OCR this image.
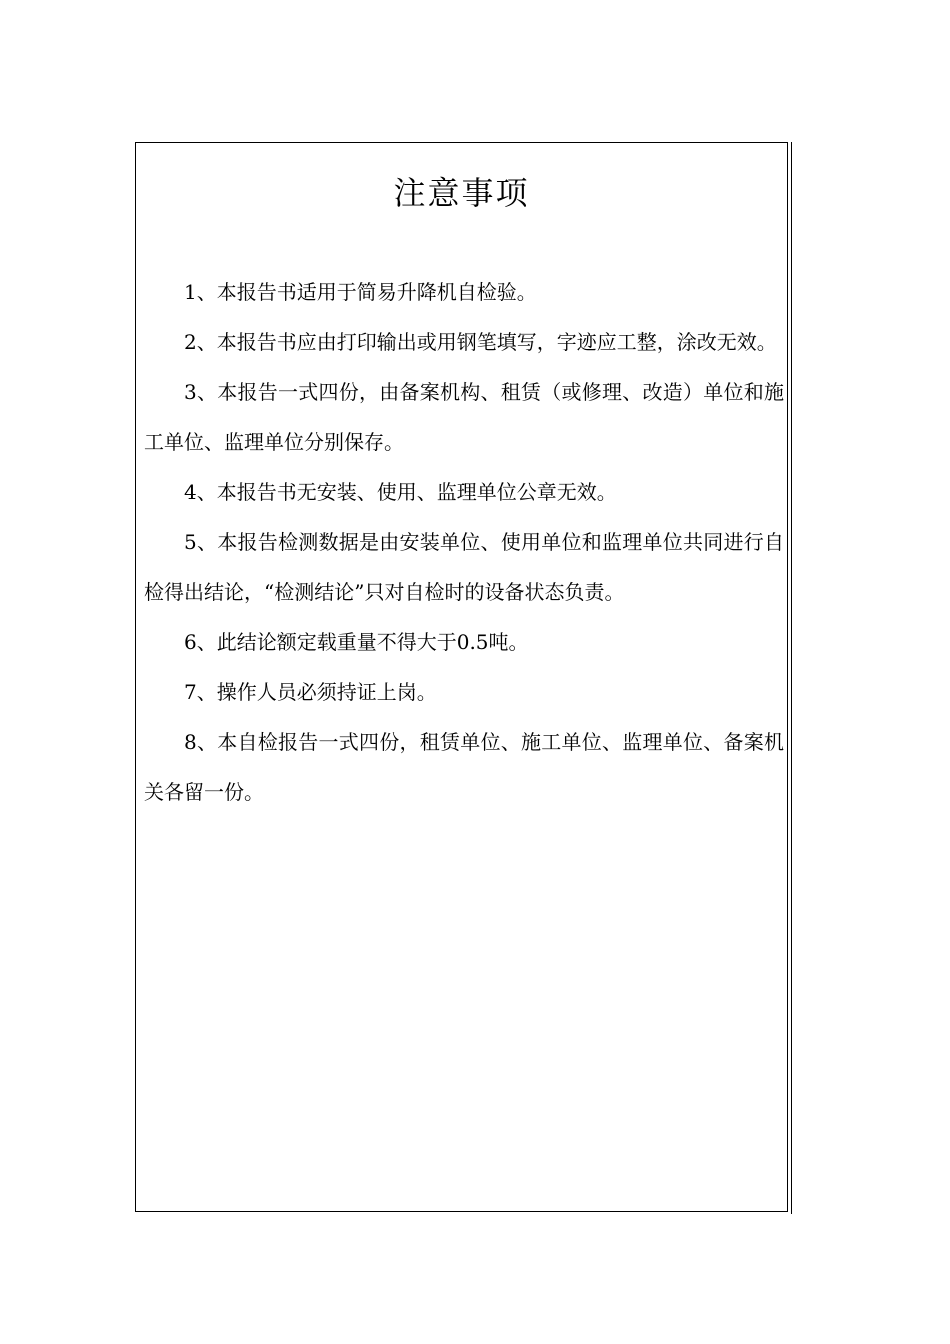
注意事项
1、本报告书适用于简易升降机自检验。
2、本报告书应由打印输出或用钢笔填写，字迹应工整，涂改无效。
3、本报告一式四份，由备案机构、租赁（或修理、改造）单位和施工单位、监理单位分别保存。
4、本报告书无安装、使用、监理单位公章无效。
5、本报告检测数据是由安装单位、使用单位和监理单位共同进行自检得出结论，“检测结论”只对自检时的设备状态负责。
6、此结论额定载重量不得大于0.5吨。
7、操作人员必须持证上岗。
8、本自检报告一式四份，租赁单位、施工单位、监理单位、备案机关各留一份。
